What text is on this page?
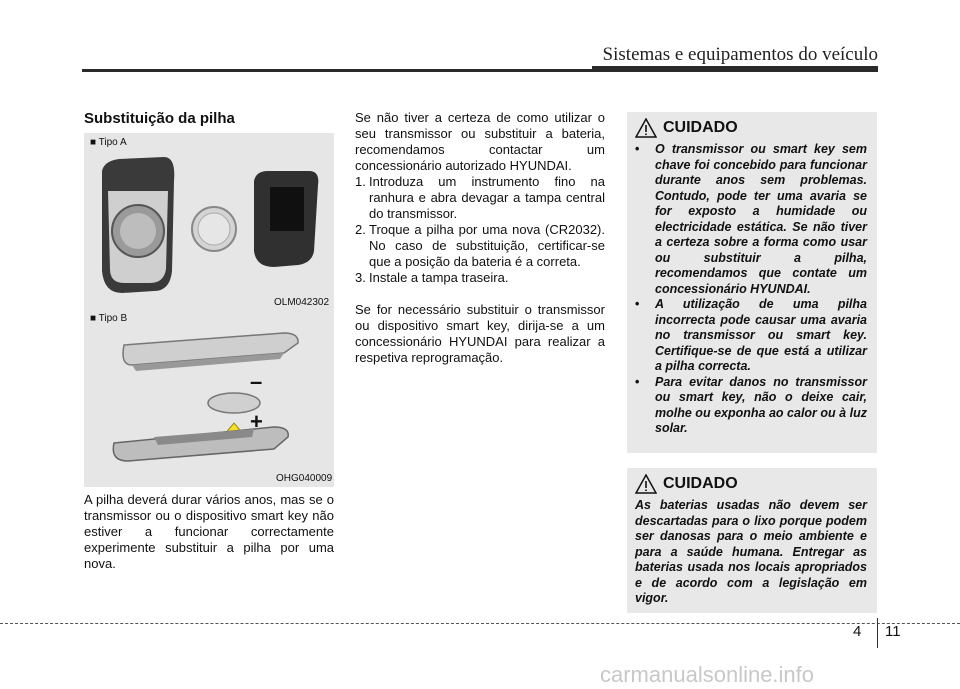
Sistemas e equipamentos do veículo
Substituição da pilha
■ Tipo A
OLM042302
■ Tipo B
–
+
OHG040009
A pilha deverá durar vários anos, mas se o transmissor ou o dispositivo smart key não estiver a funcionar correctamente experimente substituir a pilha por uma nova.

Se não tiver a certeza de como utilizar o seu transmissor ou substituir a bateria, recomendamos contactar um concessionário autorizado HYUNDAI.

1. Introduza um instrumento fino na ranhura e abra devagar a tampa central do transmissor.
2. Troque a pilha por uma nova (CR2032). No caso de substituição, certificar-se que a posição da bateria é a correta.
3. Instale a tampa traseira.

Se for necessário substituir o transmissor ou dispositivo smart key, dirija-se a um concessionário HYUNDAI para realizar a respetiva reprogramação.

CUIDADO
• O transmissor ou smart key sem chave foi concebido para funcionar durante anos sem problemas. Contudo, pode ter uma avaria se for exposto a humidade ou electricidade estática. Se não tiver a certeza sobre a forma como usar ou substituir a pilha, recomendamos que contate um concessionário HYUNDAI.
• A utilização de uma pilha incorrecta pode causar uma avaria no transmissor ou smart key. Certifique-se de que está a utilizar a pilha correcta.
• Para evitar danos no transmissor ou smart key, não o deixe cair, molhe ou exponha ao calor ou à luz solar.
CUIDADO

As baterias usadas não devem ser descartadas para o lixo porque podem ser danosas para o meio ambiente e para a saúde humana. Entregar as baterias usada nos locais apropriados e de acordo com a legislação em vigor.

4 11
carmanualsonline.info
